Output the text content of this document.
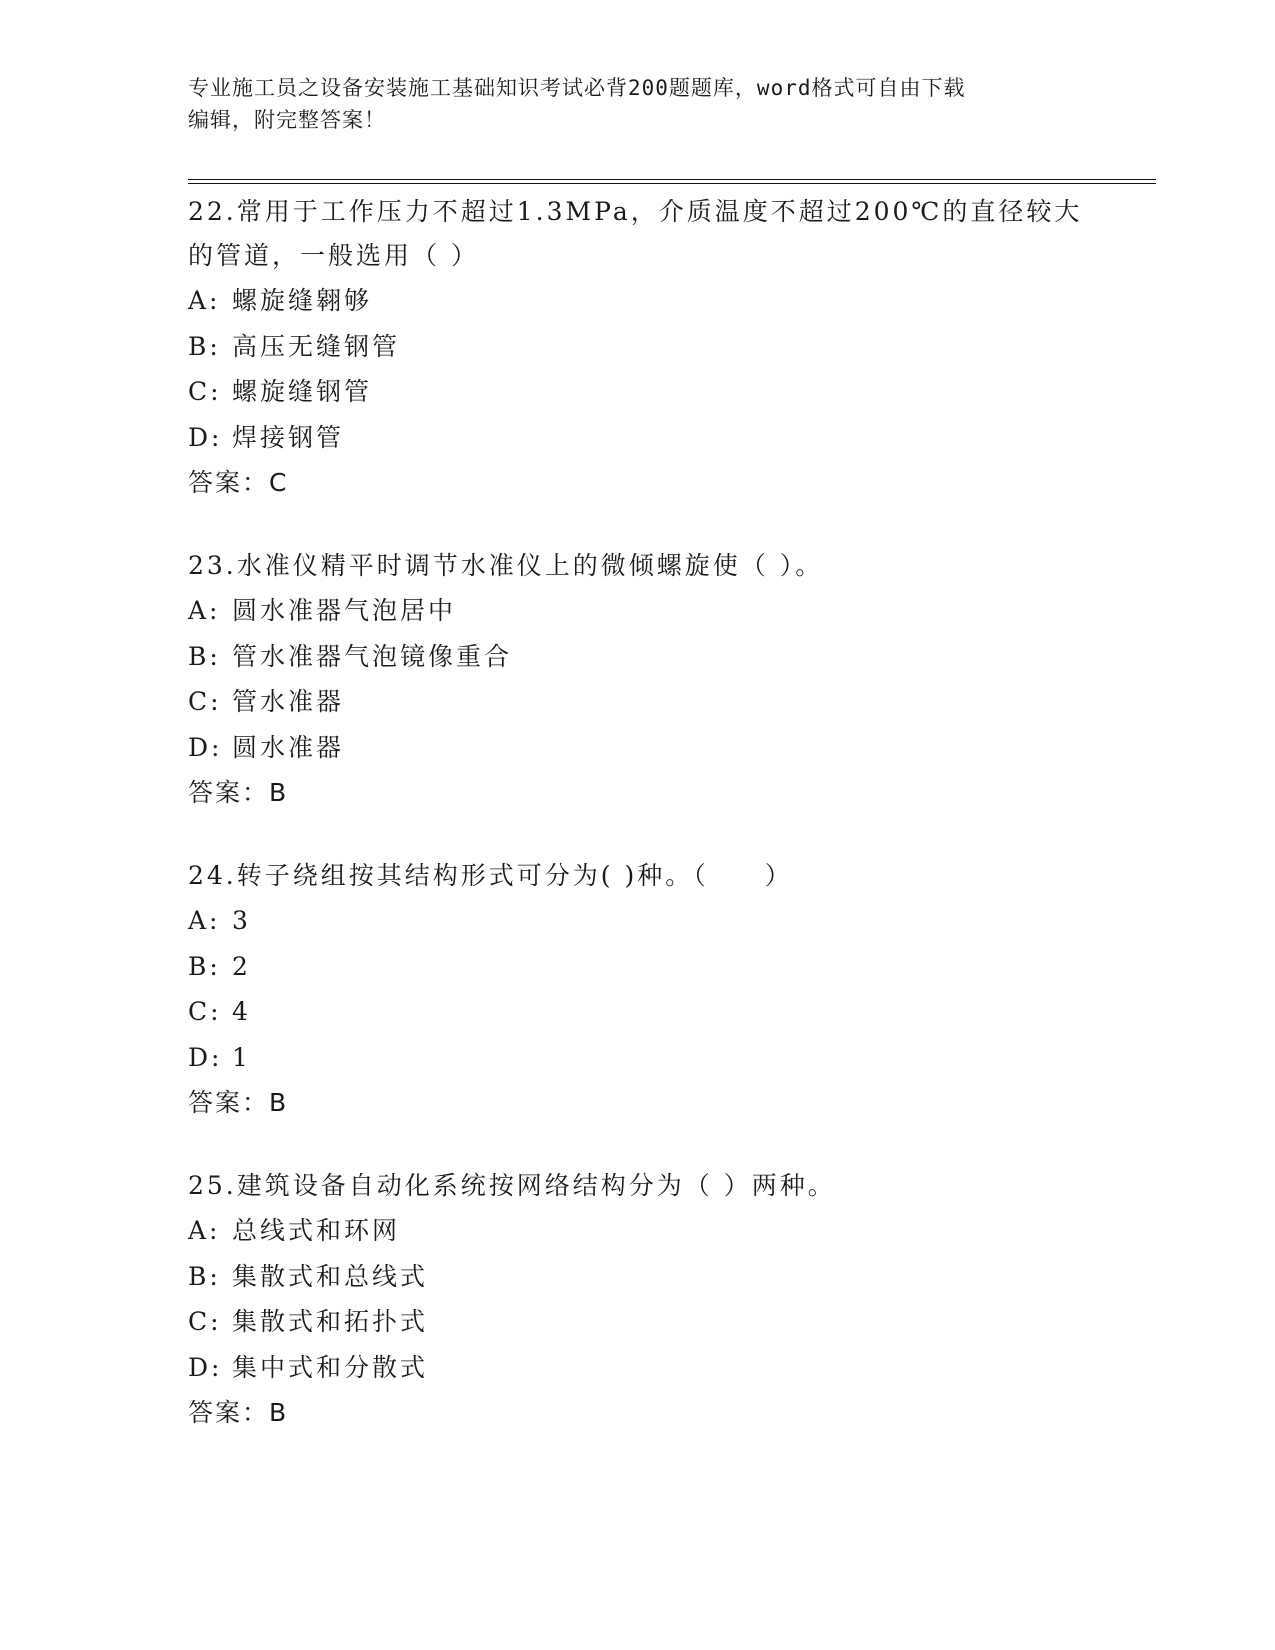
专业施工员之设备安装施工基础知识考试必背200题题库，word格式可自由下载
编辑，附完整答案！
22.常用于工作压力不超过1.3MPa，介质温度不超过200℃的直径较大
的管道，一般选用（ ）
A: 螺旋缝翱够
B: 高压无缝钢管
C: 螺旋缝钢管
D: 焊接钢管
答案：C
23.水准仪精平时调节水准仪上的微倾螺旋使（ ）。
A: 圆水准器气泡居中
B: 管水准器气泡镜像重合
C: 管水准器
D: 圆水准器
答案：B
24.转子绕组按其结构形式可分为( )种。（　　）
A: 3
B: 2
C: 4
D: 1
答案：B
25.建筑设备自动化系统按网络结构分为（ ）两种。
A: 总线式和环网
B: 集散式和总线式
C: 集散式和拓扑式
D: 集中式和分散式
答案：B
